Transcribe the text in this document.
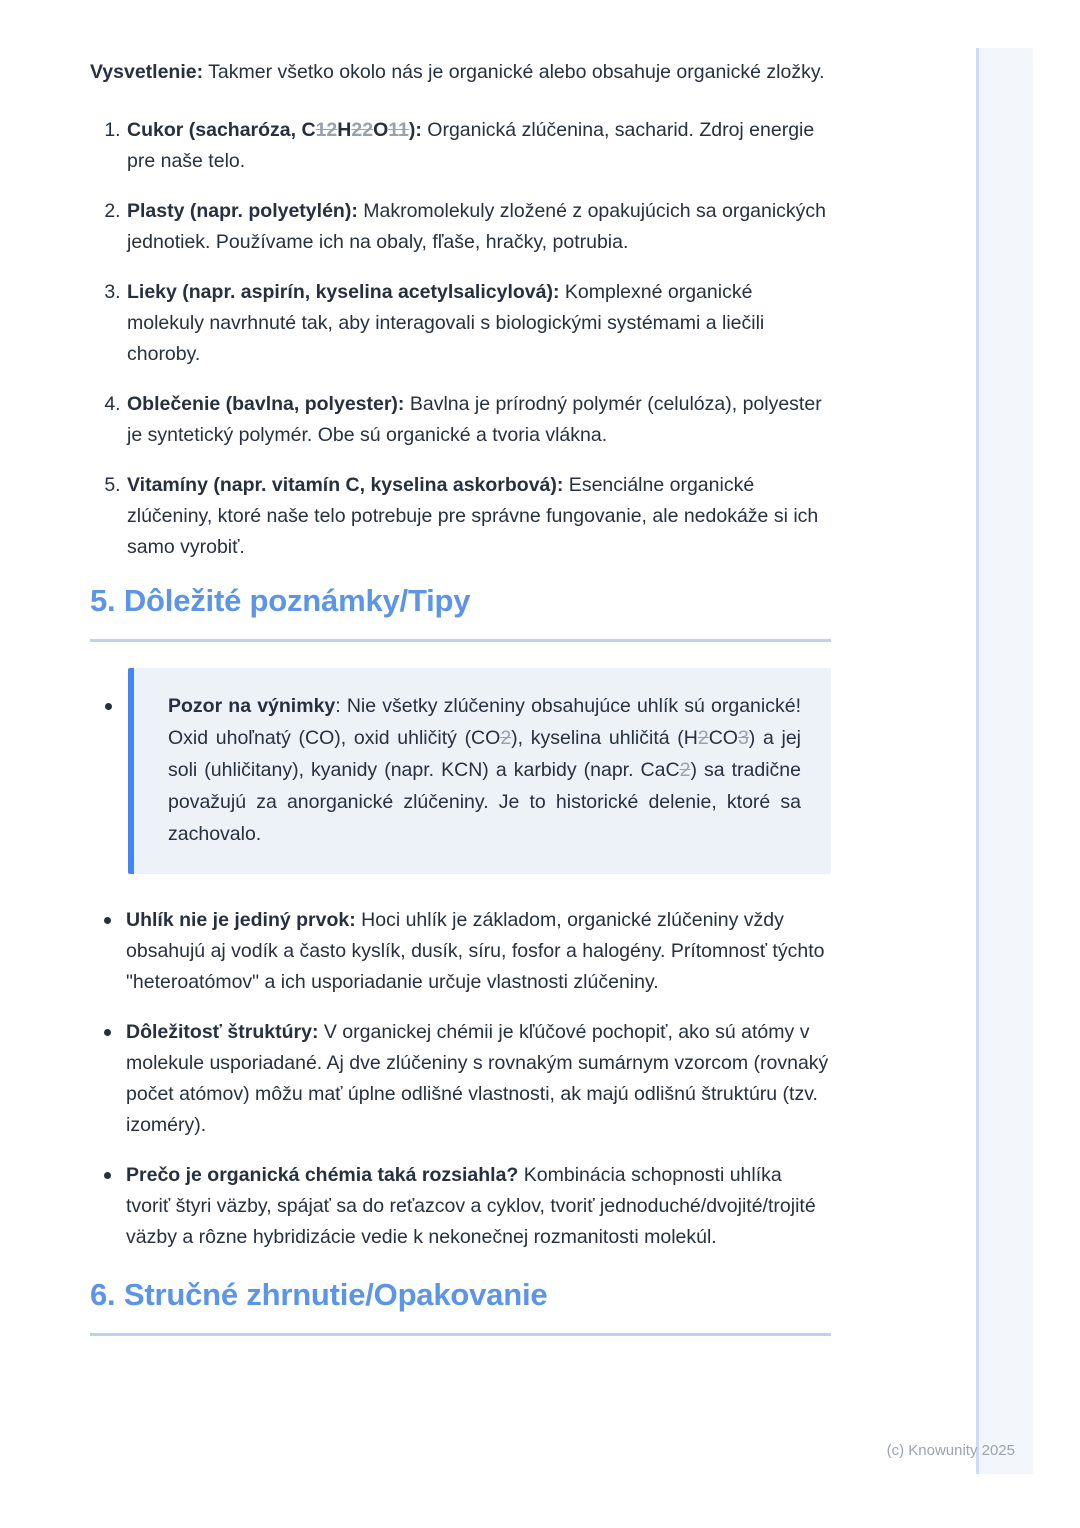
Vysvetlenie: Takmer všetko okolo nás je organické alebo obsahuje organické zložky.

1. Cukor (sacharóza, C12H22O11): Organická zlúčenina, sacharid. Zdroj energie pre naše telo.
2. Plasty (napr. polyetylén): Makromolekuly zložené z opakujúcich sa organických jednotiek. Používame ich na obaly, fľaše, hračky, potrubia.
3. Lieky (napr. aspirín, kyselina acetylsalicylová): Komplexné organické molekuly navrhnuté tak, aby interagovali s biologickými systémami a liečili choroby.
4. Oblečenie (bavlna, polyester): Bavlna je prírodný polymér (celulóza), polyester je syntetický polymér. Obe sú organické a tvoria vlákna.
5. Vitamíny (napr. vitamín C, kyselina askorbová): Esenciálne organické zlúčeniny, ktoré naše telo potrebuje pre správne fungovanie, ale nedokáže si ich samo vyrobiť.
5. Dôležité poznámky/Tipy
Pozor na výnimky: Nie všetky zlúčeniny obsahujúce uhlík sú organické! Oxid uhoľnatý (CO), oxid uhličitý (CO2), kyselina uhličitá (H2CO3) a jej soli (uhličitany), kyanidy (napr. KCN) a karbidy (napr. CaC2) sa tradične považujú za anorganické zlúčeniny. Je to historické delenie, ktoré sa zachovalo.
Uhlík nie je jediný prvok: Hoci uhlík je základom, organické zlúčeniny vždy obsahujú aj vodík a často kyslík, dusík, síru, fosfor a halogény. Prítomnosť týchto "heteroatómov" a ich usporiadanie určuje vlastnosti zlúčeniny.
Dôležitosť štruktúry: V organickej chémii je kľúčové pochopiť, ako sú atómy v molekule usporiadané. Aj dve zlúčeniny s rovnakým sumárnym vzorcom (rovnaký počet atómov) môžu mať úplne odlišné vlastnosti, ak majú odlišnú štruktúru (tzv. izoméry).
Prečo je organická chémia taká rozsiahla? Kombinácia schopnosti uhlíka tvoriť štyri väzby, spájať sa do reťazcov a cyklov, tvoriť jednoduché/dvojité/trojité väzby a rôzne hybridizácie vedie k nekonečnej rozmanitosti molekúl.
6. Stručné zhrnutie/Opakovanie
(c) Knowunity 2025
